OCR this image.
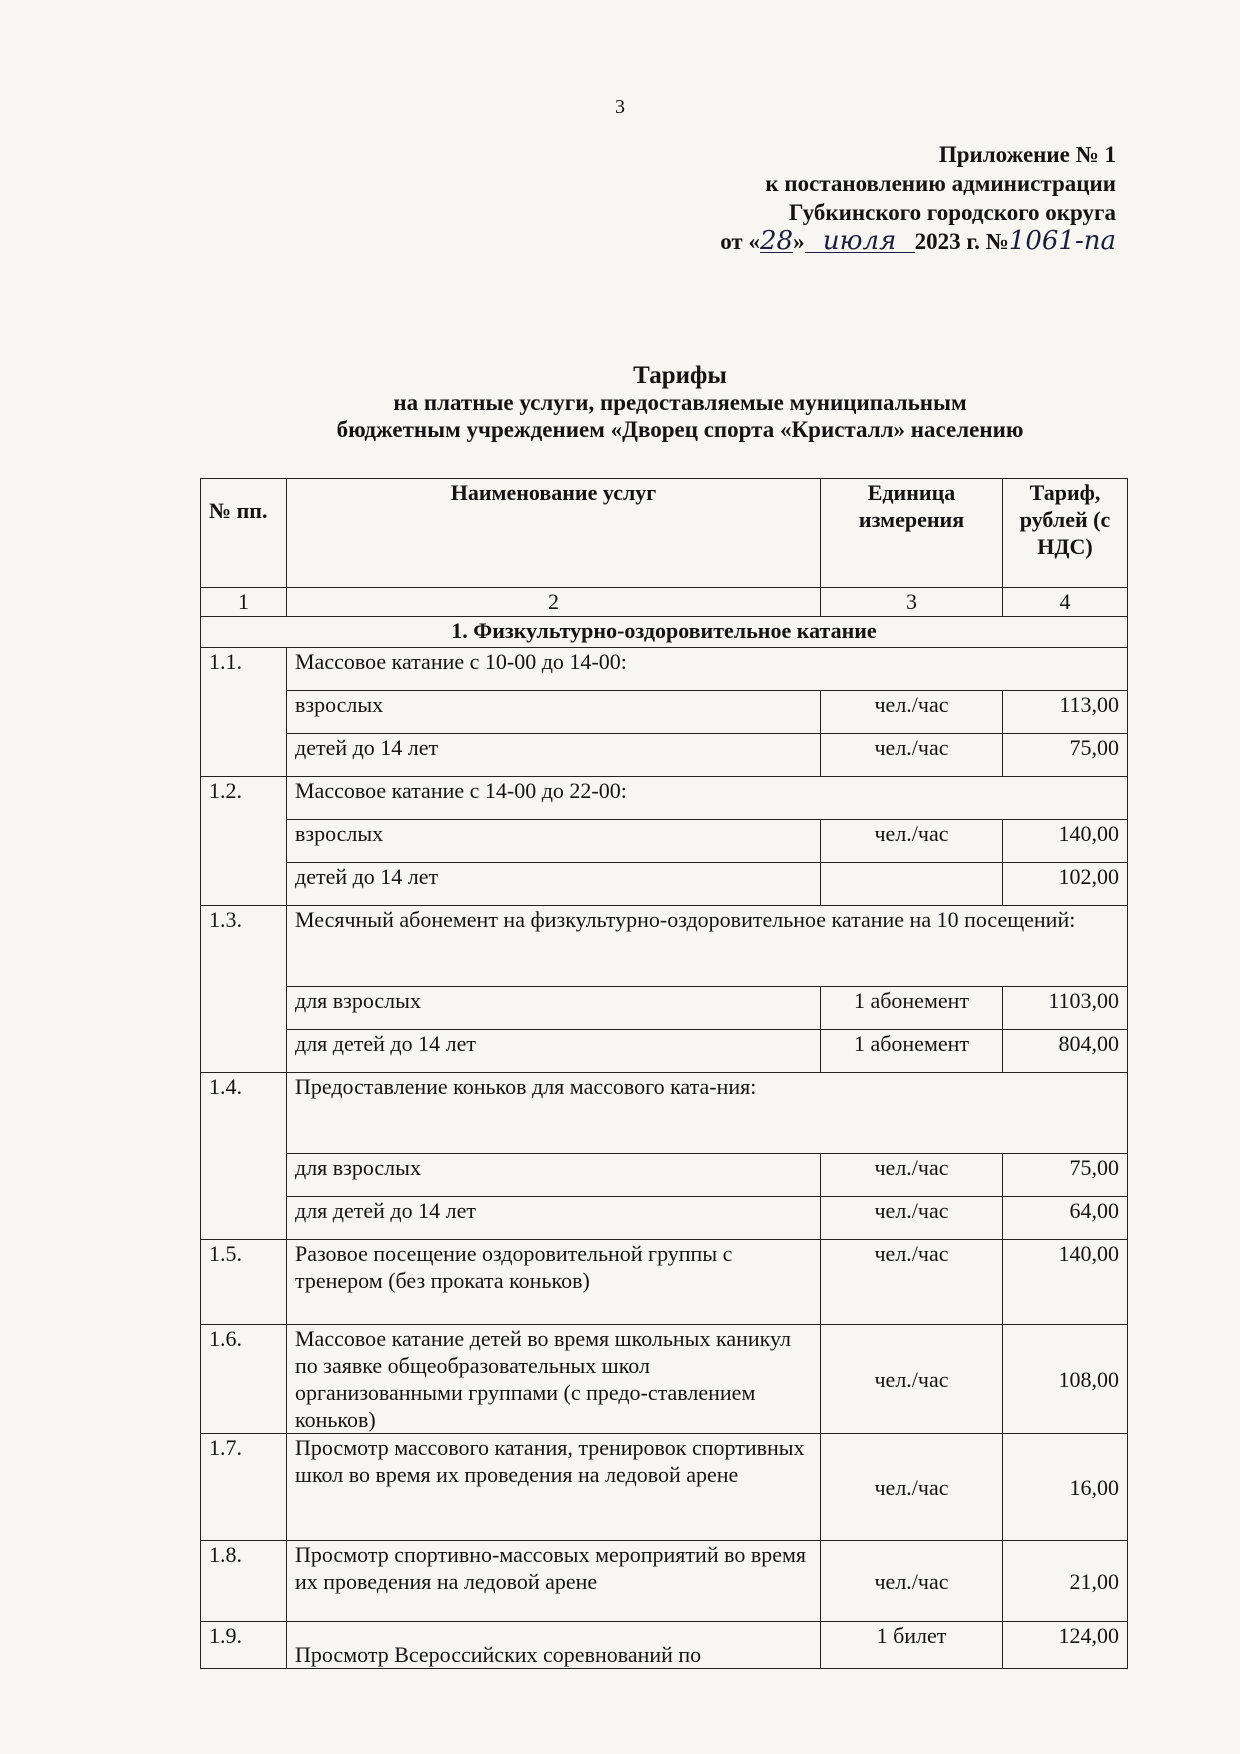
3
Приложение № 1
к постановлению администрации
Губкинского городского округа
от « 28 » июля 2023 г. № 1061-па
Тарифы
на платные услуги, предоставляемые муниципальным
бюджетным учреждением «Дворец спорта «Кристалл» населению
№ пп.	Наименование услуг	Единица измерения	Тариф, рублей (с НДС)
1	2	3	4
1. Физкультурно-оздоровительное катание			
1.1.	Массовое катание с 10-00 до 14-00:		
	взрослых	чел./час	113,00
	детей до 14 лет	чел./час	75,00
1.2.	Массовое катание с 14-00 до 22-00:		
	взрослых	чел./час	140,00
	детей до 14 лет		102,00
1.3.	Месячный абонемент на физкультурно-оздоровительное катание на 10 посещений:		
	для взрослых	1 абонемент	1103,00
	для детей до 14 лет	1 абонемент	804,00
1.4.	Предоставление коньков для массового ката-ния:		
	для взрослых	чел./час	75,00
	для детей до 14 лет	чел./час	64,00
1.5.	Разовое посещение оздоровительной группы с тренером (без проката коньков)	чел./час	140,00
1.6.	Массовое катание детей во время школьных каникул по заявке общеобразовательных школ организованными группами (с предо-ставлением коньков)	чел./час	108,00
1.7.	Просмотр массового катания, тренировок спортивных школ во время их проведения на ледовой арене	чел./час	16,00
1.8.	Просмотр спортивно-массовых мероприятий во время их проведения на ледовой арене	чел./час	21,00
1.9.	Просмотр Всероссийских соревнований по	1 билет	124,00
